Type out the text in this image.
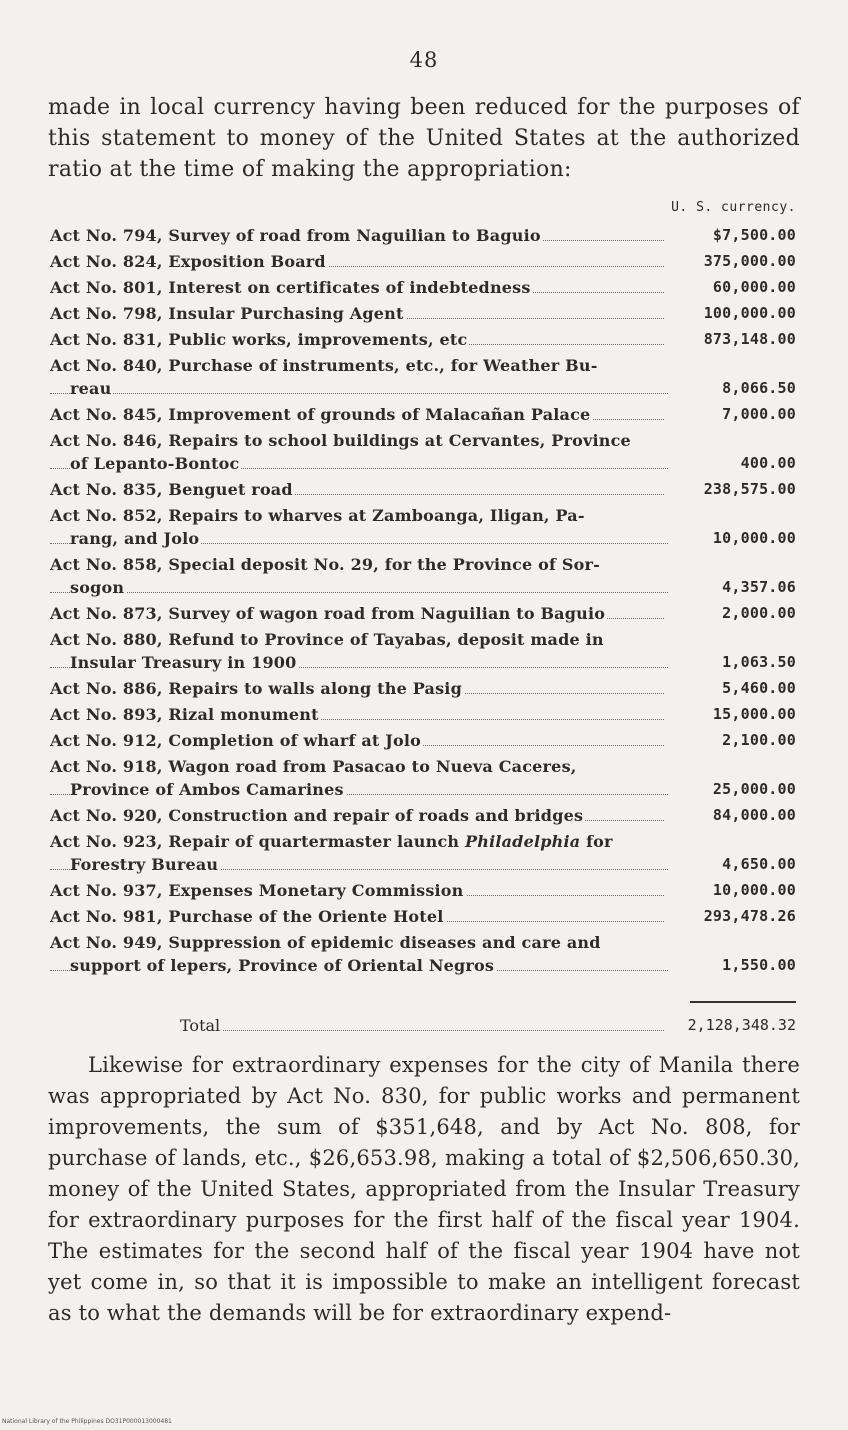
48
made in local currency having been reduced for the purposes of this statement to money of the United States at the authorized ratio at the time of making the appropriation:
U. S. currency.
Act No. 794, Survey of road from Naguilian to Baguio	$7,500.00
Act No. 824, Exposition Board	375,000.00
Act No. 801, Interest on certificates of indebtedness	60,000.00
Act No. 798, Insular Purchasing Agent	100,000.00
Act No. 831, Public works, improvements, etc	873,148.00
Act No. 840, Purchase of instruments, etc., for Weather Bu-
reau	8,066.50
Act No. 845, Improvement of grounds of Malacañan Palace	7,000.00
Act No. 846, Repairs to school buildings at Cervantes, Province
of Lepanto-Bontoc	400.00
Act No. 835, Benguet road	238,575.00
Act No. 852, Repairs to wharves at Zamboanga, Iligan, Pa-
rang, and Jolo	10,000.00
Act No. 858, Special deposit No. 29, for the Province of Sor-
sogon	4,357.06
Act No. 873, Survey of wagon road from Naguilian to Baguio	2,000.00
Act No. 880, Refund to Province of Tayabas, deposit made in
Insular Treasury in 1900	1,063.50
Act No. 886, Repairs to walls along the Pasig	5,460.00
Act No. 893, Rizal monument	15,000.00
Act No. 912, Completion of wharf at Jolo	2,100.00
Act No. 918, Wagon road from Pasacao to Nueva Caceres,
Province of Ambos Camarines	25,000.00
Act No. 920, Construction and repair of roads and bridges	84,000.00
Act No. 923, Repair of quartermaster launch Philadelphia for
Forestry Bureau	4,650.00
Act No. 937, Expenses Monetary Commission	10,000.00
Act No. 981, Purchase of the Oriente Hotel	293,478.26
Act No. 949, Suppression of epidemic diseases and care and
support of lepers, Province of Oriental Negros	1,550.00
Total	2,128,348.32
Likewise for extraordinary expenses for the city of Manila there was appropriated by Act No. 830, for public works and permanent improvements, the sum of $351,648, and by Act No. 808, for purchase of lands, etc., $26,653.98, making a total of $2,506,650.30, money of the United States, appropriated from the Insular Treasury for extraordinary purposes for the first half of the fiscal year 1904. The estimates for the second half of the fiscal year 1904 have not yet come in, so that it is impossible to make an intelligent forecast as to what the demands will be for extraordinary expend-
National Library of the Philippines DO31P000013000481
